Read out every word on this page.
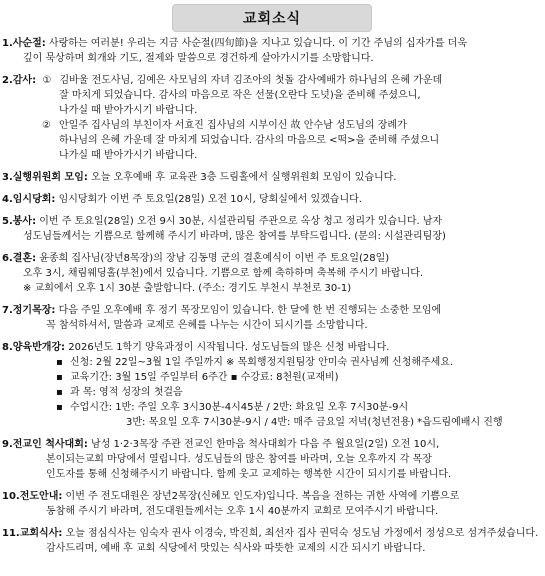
교회소식
1.사순절: 사랑하는 여러분! 우리는 지금 사순절(四旬節)을 지나고 있습니다. 이 기간 주님의 십자가를 더욱
깊이 묵상하며 회개와 기도, 절제와 말씀으로 경건하게 살아가시기를 소망합니다.
2.감사: ① 김바울 전도사님, 김예은 사모님의 자녀 김조아의 첫돌 감사예배가 하나님의 은혜 가운데
잘 마치게 되었습니다. 감사의 마음으로 작은 선물(오란다 도넛)을 준비해 주셨으니,
나가실 때 받아가시기 바랍니다.
② 안일주 집사님의 부친이자 서효진 집사님의 시부이신 故 안수남 성도님의 장례가
하나님의 은혜 가운데 잘 마치게 되었습니다. 감사의 마음으로 <떡>을 준비해 주셨으니
나가실 때 받아가시기 바랍니다.
3.실행위원회 모임: 오늘 오후예배 후 교육관 3층 드림홀에서 실행위원회 모임이 있습니다.
4.임시당회: 임시당회가 이번 주 토요일(28일) 오전 10시, 당회실에서 있겠습니다.
5.봉사: 이번 주 토요일(28일) 오전 9시 30분, 시설관리팀 주관으로 옥상 청고 정리가 있습니다. 남자
성도님들께서는 기쁨으로 함께해 주시기 바라며, 많은 참여를 부탁드립니다. (문의: 시설관리팀장)
6.결혼: 윤종희 집사님(장년8목장)의 장남 김동명 군의 결혼예식이 이번 주 토요일(28일)
오후 3시, 채림웨딩홀(부천)에서 있습니다. 기쁨으로 함께 축하하며 축복해 주시기 바랍니다.
※ 교회에서 오후 1시 30분 출발합니다. (주소: 경기도 부천시 부천로 30-1)
7.정기목장: 다음 주일 오후예배 후 정기 목장모임이 있습니다. 한 달에 한 번 진행되는 소중한 모임에
꼭 참석하셔서, 말씀과 교제로 은혜를 나누는 시간이 되시기를 소망합니다.
8.양육반개강: 2026년도 1학기 양육과정이 시작됩니다. 성도님들의 많은 신청 바랍니다.
▪ 신청: 2월 22일~3월 1일 주일까지 ※ 목회행정지원팀장 안미숙 권사님께 신청해주세요.
▪ 교육기간: 3월 15일 주일부터 6주간 ▪ 수강료: 8천원(교재비)
▪ 과 목: 영적 성장의 첫걸음
▪ 수업시간: 1반: 주일 오후 3시30분-4시45분 / 2반: 화요일 오후 7시30분-9시
3반: 목요일 오후 7시30분-9시 / 4반: 매주 금요일 저녁(청년전용) *읍드림예배시 진행
9.전교인 척사대회: 남성 1·2·3목장 주관 전교인 한마음 척사대회가 다음 주 월요일(2일) 오전 10시,
본이되는교회 마당에서 열립니다. 성도님들의 많은 참여를 바라며, 오늘 오후까지 각 목장
인도자를 통해 신청해주시기 바랍니다. 함께 웃고 교제하는 행복한 시간이 되시기를 바랍니다.
10.전도안내: 이번 주 전도대원은 장년2목장(신혜모 인도자)입니다. 복음을 전하는 귀한 사역에 기쁨으로
동참해 주시기 바라며, 전도대원들께서는 오후 1시 40분까지 교회로 모여주시기 바랍니다.
11.교회식사: 오늘 점심식사는 임숙자 권사 이경숙, 박진희, 최선자 집사 권덕숙 성도님 가정에서 정성으로 섬겨주셨습니다.
감사드리며, 예배 후 교회 식당에서 맛있는 식사와 따뜻한 교제의 시간 되시기 바랍니다.
